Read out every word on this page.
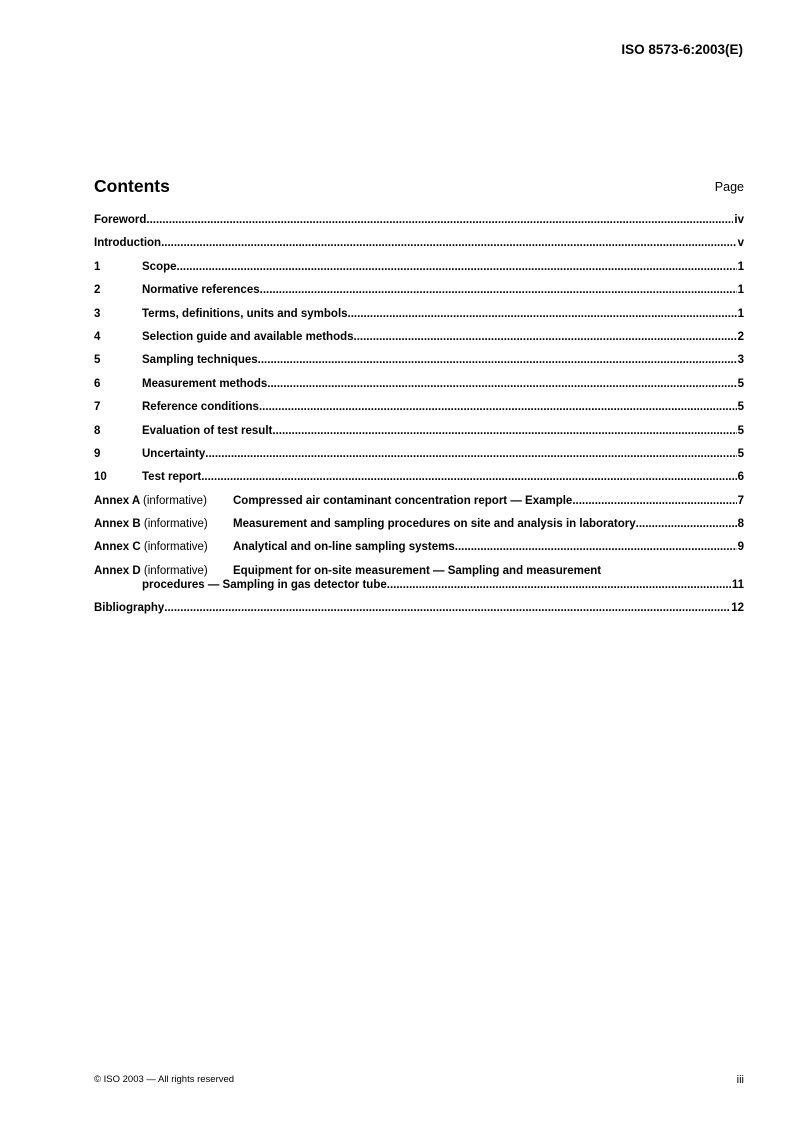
ISO 8573-6:2003(E)
Contents	Page
Foreword .....	iv
Introduction .....	v
1	Scope .....	1
2	Normative references .....	1
3	Terms, definitions, units and symbols .....	1
4	Selection guide and available methods .....	2
5	Sampling techniques .....	3
6	Measurement methods .....	5
7	Reference conditions .....	5
8	Evaluation of test result .....	5
9	Uncertainty .....	5
10	Test report .....	6
Annex A (informative)	Compressed air contaminant concentration report — Example .....	7
Annex B (informative)	Measurement and sampling procedures on site and analysis in laboratory .....	8
Annex C (informative)	Analytical and on-line sampling systems .....	9
Annex D (informative)	Equipment for on-site measurement — Sampling and measurement
procedures — Sampling in gas detector tube .....	11
Bibliography .....	12
© ISO 2003 — All rights reserved	iii
